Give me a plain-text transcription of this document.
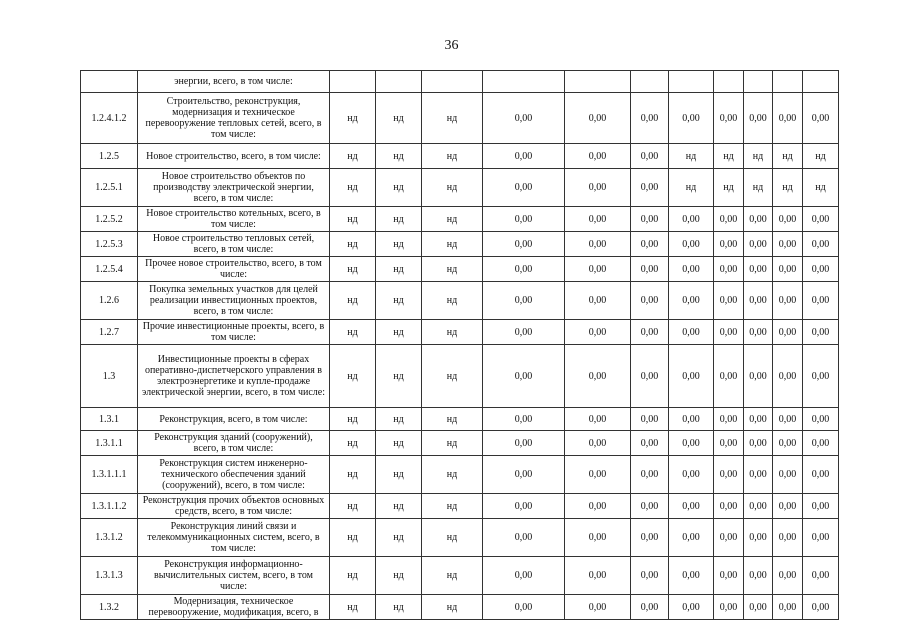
36
	энергии, всего, в том числе:											
1.2.4.1.2	Строительство, реконструкция, модернизация и техническое перевооружение тепловых сетей, всего, в том числе:	нд	нд	нд	0,00	0,00	0,00	0,00	0,00	0,00	0,00	0,00
1.2.5	Новое строительство, всего, в том числе:	нд	нд	нд	0,00	0,00	0,00	нд	нд	нд	нд	нд
1.2.5.1	Новое строительство объектов по производству электрической энергии, всего, в том числе:	нд	нд	нд	0,00	0,00	0,00	нд	нд	нд	нд	нд
1.2.5.2	Новое строительство котельных, всего, в том числе:	нд	нд	нд	0,00	0,00	0,00	0,00	0,00	0,00	0,00	0,00
1.2.5.3	Новое строительство тепловых сетей, всего, в том числе:	нд	нд	нд	0,00	0,00	0,00	0,00	0,00	0,00	0,00	0,00
1.2.5.4	Прочее новое строительство, всего, в том числе:	нд	нд	нд	0,00	0,00	0,00	0,00	0,00	0,00	0,00	0,00
1.2.6	Покупка земельных участков для целей реализации инвестиционных проектов, всего, в том числе:	нд	нд	нд	0,00	0,00	0,00	0,00	0,00	0,00	0,00	0,00
1.2.7	Прочие инвестиционные проекты, всего, в том числе:	нд	нд	нд	0,00	0,00	0,00	0,00	0,00	0,00	0,00	0,00
1.3	Инвестиционные проекты в сферах оперативно-диспетчерского управления в электроэнергетике и купле-продаже электрической энергии, всего, в том числе:	нд	нд	нд	0,00	0,00	0,00	0,00	0,00	0,00	0,00	0,00
1.3.1	Реконструкция, всего, в том числе:	нд	нд	нд	0,00	0,00	0,00	0,00	0,00	0,00	0,00	0,00
1.3.1.1	Реконструкция зданий (сооружений), всего, в том числе:	нд	нд	нд	0,00	0,00	0,00	0,00	0,00	0,00	0,00	0,00
1.3.1.1.1	Реконструкция систем инженерно-технического обеспечения зданий (сооружений), всего, в том числе:	нд	нд	нд	0,00	0,00	0,00	0,00	0,00	0,00	0,00	0,00
1.3.1.1.2	Реконструкция прочих объектов основных средств, всего, в том числе:	нд	нд	нд	0,00	0,00	0,00	0,00	0,00	0,00	0,00	0,00
1.3.1.2	Реконструкция линий связи и телекоммуникационных систем, всего, в том числе:	нд	нд	нд	0,00	0,00	0,00	0,00	0,00	0,00	0,00	0,00
1.3.1.3	Реконструкция информационно-вычислительных систем, всего, в том числе:	нд	нд	нд	0,00	0,00	0,00	0,00	0,00	0,00	0,00	0,00
1.3.2	Модернизация, техническое перевооружение, модификация, всего, в	нд	нд	нд	0,00	0,00	0,00	0,00	0,00	0,00	0,00	0,00
